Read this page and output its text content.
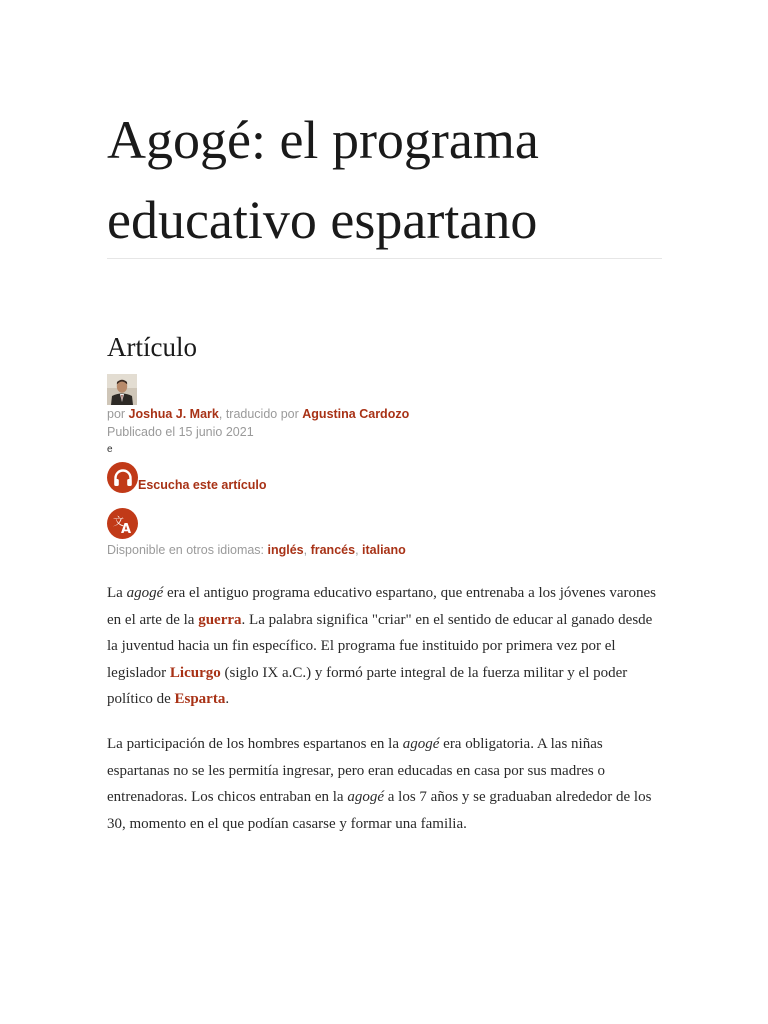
Agogé: el programa educativo espartano
Artículo
por Joshua J. Mark, traducido por Agustina Cardozo
Publicado el 15 junio 2021
e
Escucha este artículo
文
A
Disponible en otros idiomas: inglés, francés, italiano

La agogé era el antiguo programa educativo espartano, que entrenaba a los jóvenes varones en el arte de la guerra. La palabra significa "criar" en el sentido de educar al ganado desde la juventud hacia un fin específico. El programa fue instituido por primera vez por el legislador Licurgo (siglo IX a.C.) y formó parte integral de la fuerza militar y el poder político de Esparta.

La participación de los hombres espartanos en la agogé era obligatoria. A las niñas espartanas no se les permitía ingresar, pero eran educadas en casa por sus madres o entrenadoras. Los chicos entraban en la agogé a los 7 años y se graduaban alrededor de los 30, momento en el que podían casarse y formar una familia.
